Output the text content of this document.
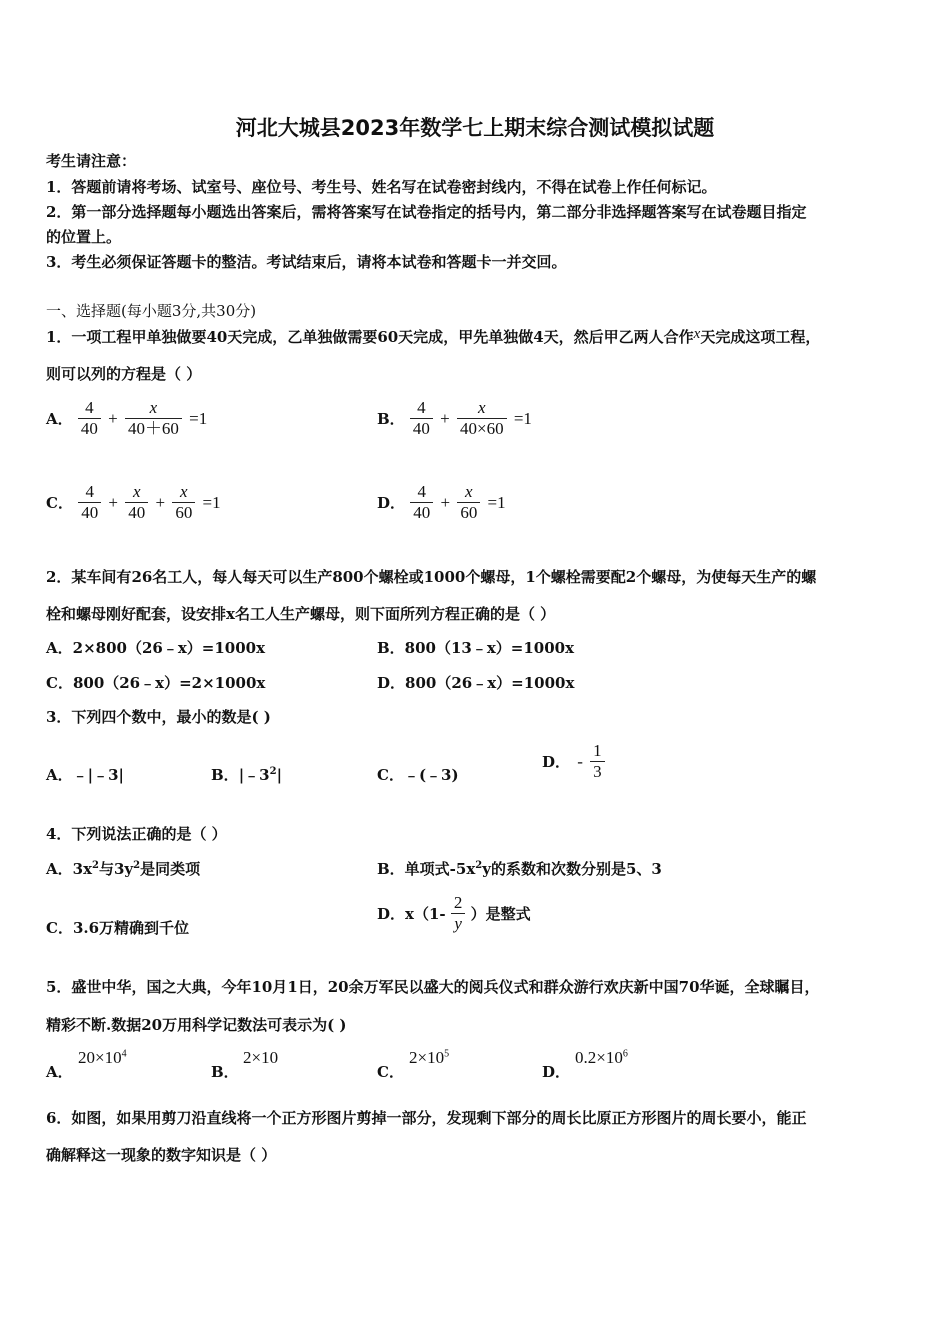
河北大城县2023年数学七上期末综合测试模拟试题
考生请注意：
1．答题前请将考场、试室号、座位号、考生号、姓名写在试卷密封线内，不得在试卷上作任何标记。
2．第一部分选择题每小题选出答案后，需将答案写在试卷指定的括号内，第二部分非选择题答案写在试卷题目指定
的位置上。
3．考生必须保证答题卡的整洁。考试结束后，请将本试卷和答题卡一并交回。
一、选择题(每小题3分,共30分)
1．一项工程甲单独做要40天完成，乙单独做需要60天完成，甲先单独做4天，然后甲乙两人合作x天完成这项工程，
则可以列的方程是（ ）
A． $\frac{4}{40} + \frac{x}{40+60} =1$	B． $\frac{4}{40} + \frac{x}{40\times 60} =1$
C． $\frac{4}{40} + \frac{x}{40} + \frac{x}{60} =1$	D． $\frac{4}{40} + \frac{x}{60} =1$
2．某车间有26名工人，每人每天可以生产800个螺栓或1000个螺母，1个螺栓需要配2个螺母，为使每天生产的螺
栓和螺母刚好配套，设安排x名工人生产螺母，则下面所列方程正确的是（ ）
A．2×800（26﹣x）=1000x	B．800（13﹣x）=1000x
C．800（26﹣x）=2×1000x	D．800（26﹣x）=1000x
3．下列四个数中，最小的数是( )
A．﹣|﹣3|	B．$|﹣3^2|$	C．﹣(﹣3)
D． - $\frac{1}{3}$
4．下列说法正确的是（ ）
A．$3x^2$与$3y^2$是同类项	B．单项式$-5x^2y$的系数和次数分别是5、3
C．3.6万精确到千位
D．$x(1- \frac{2}{y}$ ）是整式
5．盛世中华，国之大典，今年10月1日，20余万军民以盛大的阅兵仪式和群众游行欢庆新中国70华诞，全球瞩目，
精彩不断.数据20万用科学记数法可表示为( )
A．
$20\times 10^4$
B．
2×10
C．
$2\times 10^5$
D．
$0.2\times 10^6$
6．如图，如果用剪刀沿直线将一个正方形图片剪掉一部分，发现剩下部分的周长比原正方形图片的周长要小，能正
确解释这一现象的数字知识是（ ）
